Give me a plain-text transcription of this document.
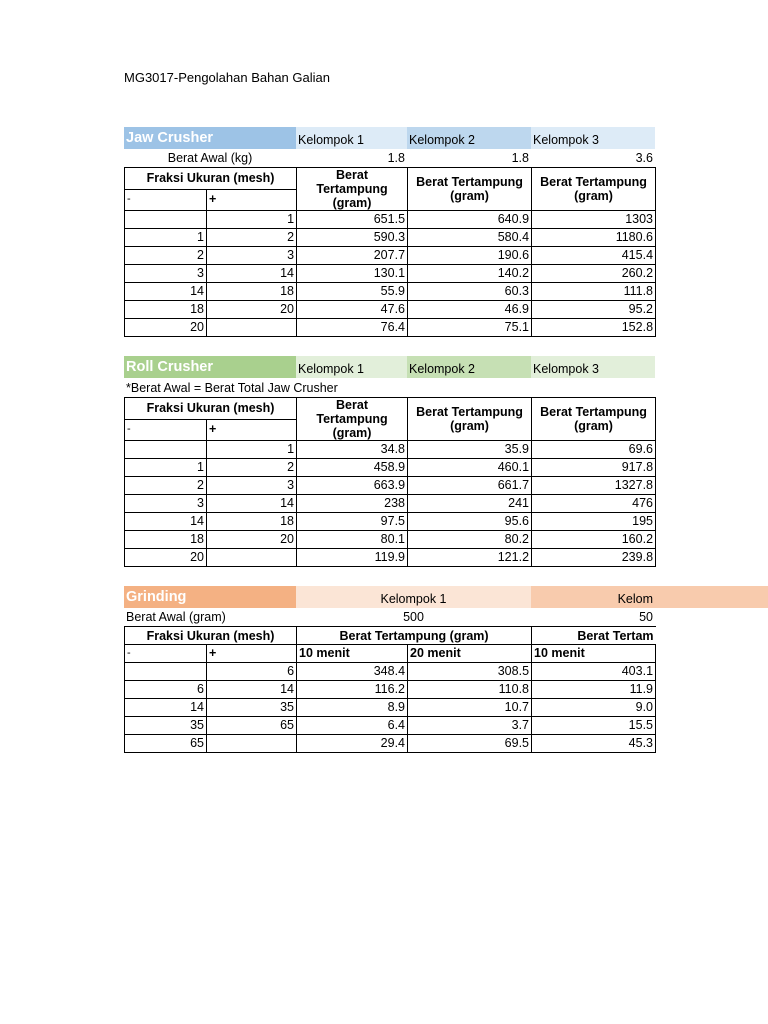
MG3017-Pengolahan Bahan Galian
Jaw Crusher	Kelompok 1	Kelompok 2	Kelompok 3
Berat Awal (kg)	1.8	1.8	3.6
Fraksi Ukuran (mesh)		Berat Tertampung (gram)	Berat Tertampung (gram)	Berat Tertampung (gram)
-	+			
	1	651.5	640.9	1303
1	2	590.3	580.4	1180.6
2	3	207.7	190.6	415.4
3	14	130.1	140.2	260.2
14	18	55.9	60.3	111.8
18	20	47.6	46.9	95.2
20		76.4	75.1	152.8
Roll Crusher	Kelompok 1	Kelompok 2	Kelompok 3
*Berat Awal = Berat Total Jaw Crusher
Fraksi Ukuran (mesh)		Berat Tertampung (gram)	Berat Tertampung (gram)	Berat Tertampung (gram)
-	+			
	1	34.8	35.9	69.6
1	2	458.9	460.1	917.8
2	3	663.9	661.7	1327.8
3	14	238	241	476
14	18	97.5	95.6	195
18	20	80.1	80.2	160.2
20		119.9	121.2	239.8
Grinding	Kelompok 1	Kelom
Berat Awal (gram)	500	50
Fraksi Ukuran (mesh)		Berat Tertampung (gram)		Berat Tertam
-	+	10 menit	20 menit	10 menit
	6	348.4	308.5	403.1
6	14	116.2	110.8	11.9
14	35	8.9	10.7	9.0
35	65	6.4	3.7	15.5
65		29.4	69.5	45.3
